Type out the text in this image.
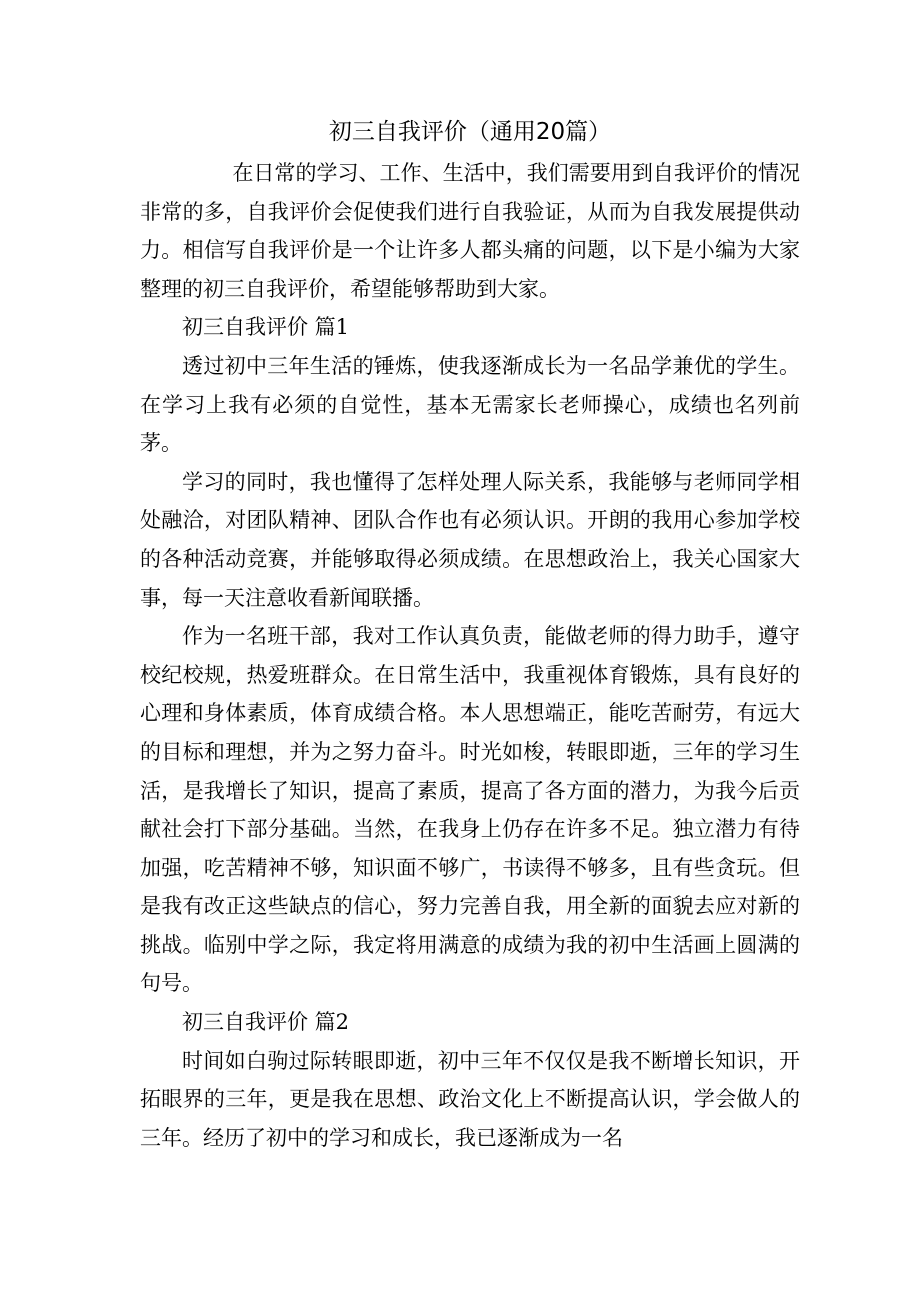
初三自我评价（通用20篇）

在日常的学习、工作、生活中，我们需要用到自我评价的情况非常的多，自我评价会促使我们进行自我验证，从而为自我发展提供动力。相信写自我评价是一个让许多人都头痛的问题，以下是小编为大家整理的初三自我评价，希望能够帮助到大家。

初三自我评价 篇1

透过初中三年生活的锤炼，使我逐渐成长为一名品学兼优的学生。在学习上我有必须的自觉性，基本无需家长老师操心，成绩也名列前茅。

学习的同时，我也懂得了怎样处理人际关系，我能够与老师同学相处融洽，对团队精神、团队合作也有必须认识。开朗的我用心参加学校的各种活动竞赛，并能够取得必须成绩。在思想政治上，我关心国家大事，每一天注意收看新闻联播。

作为一名班干部，我对工作认真负责，能做老师的得力助手，遵守校纪校规，热爱班群众。在日常生活中，我重视体育锻炼，具有良好的心理和身体素质，体育成绩合格。本人思想端正，能吃苦耐劳，有远大的目标和理想，并为之努力奋斗。时光如梭，转眼即逝，三年的学习生活，是我增长了知识，提高了素质，提高了各方面的潜力，为我今后贡献社会打下部分基础。当然，在我身上仍存在许多不足。独立潜力有待加强，吃苦精神不够，知识面不够广，书读得不够多，且有些贪玩。但是我有改正这些缺点的信心，努力完善自我，用全新的面貌去应对新的挑战。临别中学之际，我定将用满意的成绩为我的初中生活画上圆满的句号。

初三自我评价 篇2

时间如白驹过际转眼即逝，初中三年不仅仅是我不断增长知识，开拓眼界的三年，更是我在思想、政治文化上不断提高认识，学会做人的三年。经历了初中的学习和成长，我已逐渐成为一名
